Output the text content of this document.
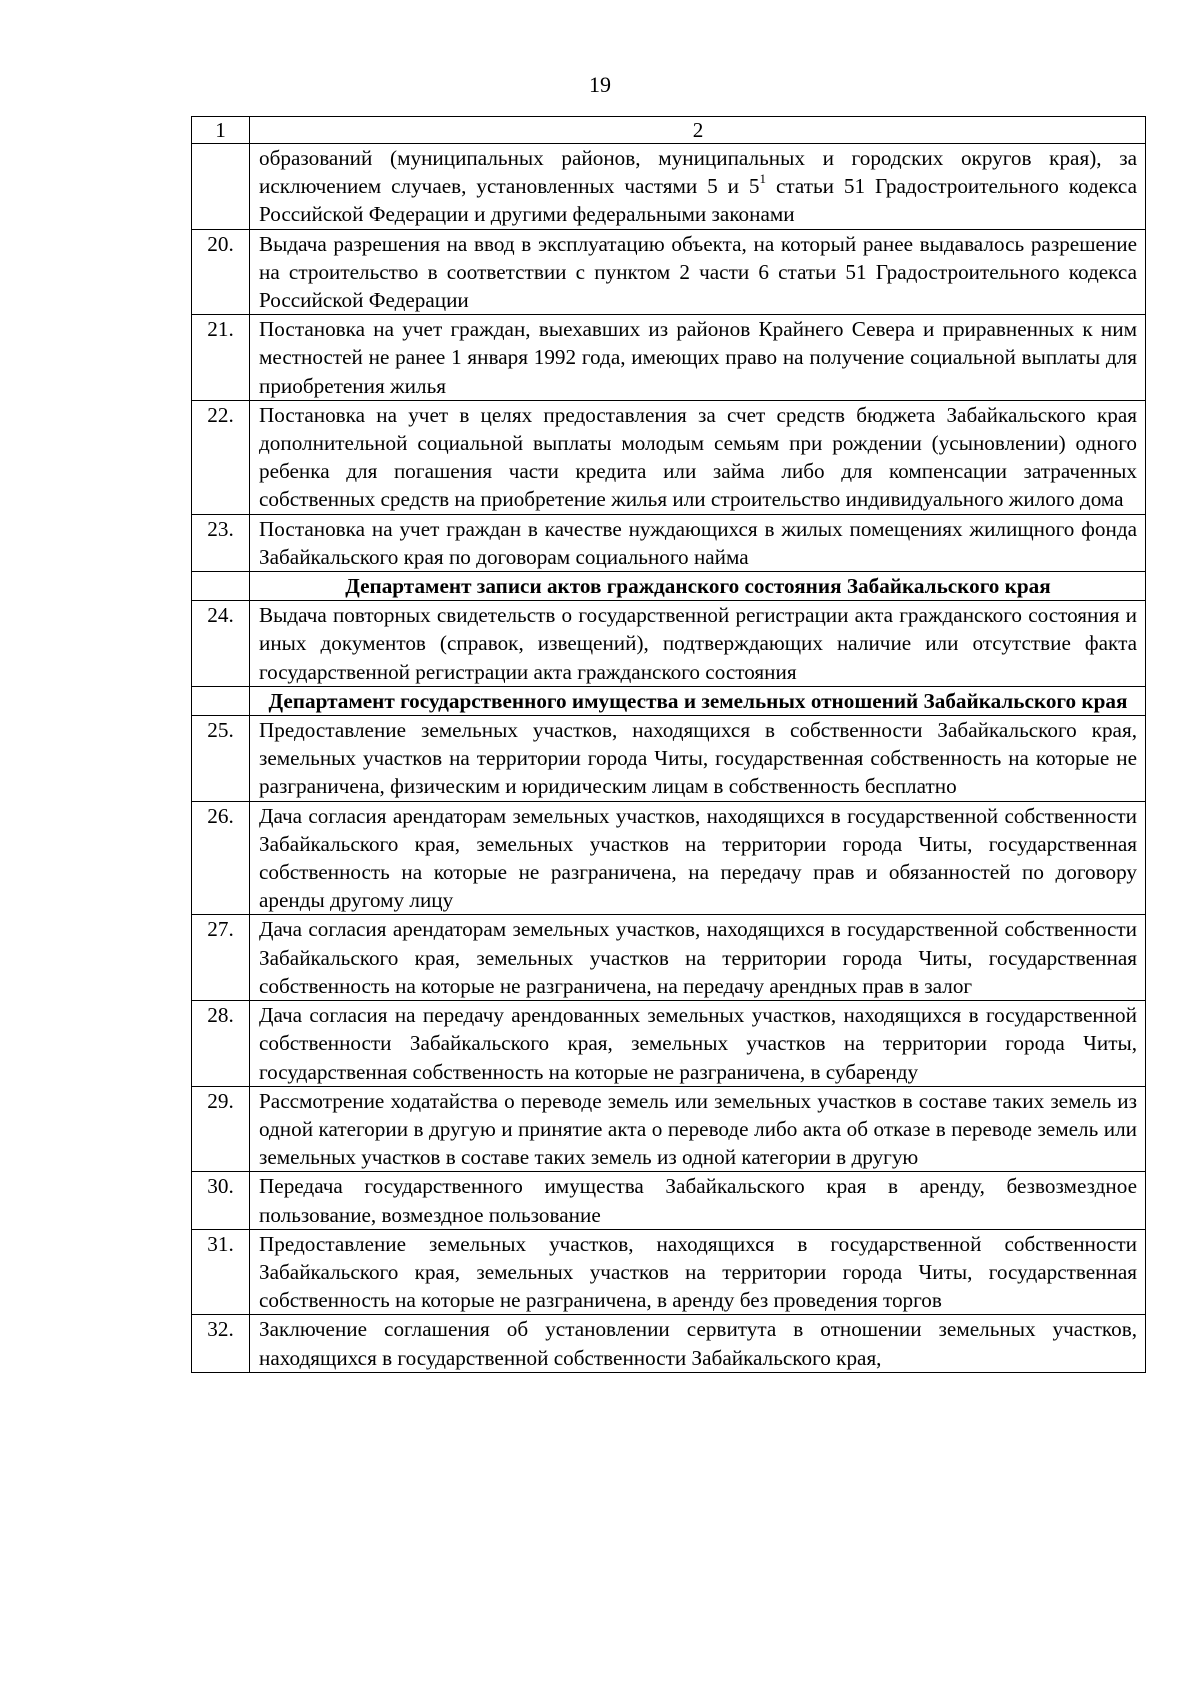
19
1	2
	образований (муниципальных районов, муниципальных и городских округов края), за исключением случаев, установленных частями 5 и $5^1$ статьи 51 Градостроительного кодекса Российской Федерации и другими федеральными законами
20.	Выдача разрешения на ввод в эксплуатацию объекта, на который ранее выдавалось разрешение на строительство в соответствии с пунктом 2 части 6 статьи 51 Градостроительного кодекса Российской Федерации
21.	Постановка на учет граждан, выехавших из районов Крайнего Севера и приравненных к ним местностей не ранее 1 января 1992 года, имеющих право на получение социальной выплаты для приобретения жилья
22.	Постановка на учет в целях предоставления за счет средств бюджета Забайкальского края дополнительной социальной выплаты молодым семьям при рождении (усыновлении) одного ребенка для погашения части кредита или займа либо для компенсации затраченных собственных средств на приобретение жилья или строительство индивидуального жилого дома
23.	Постановка на учет граждан в качестве нуждающихся в жилых помещениях жилищного фонда Забайкальского края по договорам социального найма
	Департамент записи актов гражданского состояния Забайкальского края
24.	Выдача повторных свидетельств о государственной регистрации акта гражданского состояния и иных документов (справок, извещений), подтверждающих наличие или отсутствие факта государственной регистрации акта гражданского состояния
	Департамент государственного имущества и земельных отношений Забайкальского края
25.	Предоставление земельных участков, находящихся в собственности Забайкальского края, земельных участков на территории города Читы, государственная собственность на которые не разграничена, физическим и юридическим лицам в собственность бесплатно
26.	Дача согласия арендаторам земельных участков, находящихся в государственной собственности Забайкальского края, земельных участков на территории города Читы, государственная собственность на которые не разграничена, на передачу прав и обязанностей по договору аренды другому лицу
27.	Дача согласия арендаторам земельных участков, находящихся в государственной собственности Забайкальского края, земельных участков на территории города Читы, государственная собственность на которые не разграничена, на передачу арендных прав в залог
28.	Дача согласия на передачу арендованных земельных участков, находящихся в государственной собственности Забайкальского края, земельных участков на территории города Читы, государственная собственность на которые не разграничена, в субаренду
29.	Рассмотрение ходатайства о переводе земель или земельных участков в составе таких земель из одной категории в другую и принятие акта о переводе либо акта об отказе в переводе земель или земельных участков в составе таких земель из одной категории в другую
30.	Передача государственного имущества Забайкальского края в аренду, безвозмездное пользование, возмездное пользование
31.	Предоставление земельных участков, находящихся в государственной собственности Забайкальского края, земельных участков на территории города Читы, государственная собственность на которые не разграничена, в аренду без проведения торгов
32.	Заключение соглашения об установлении сервитута в отношении земельных участков, находящихся в государственной собственности Забайкальского края,
